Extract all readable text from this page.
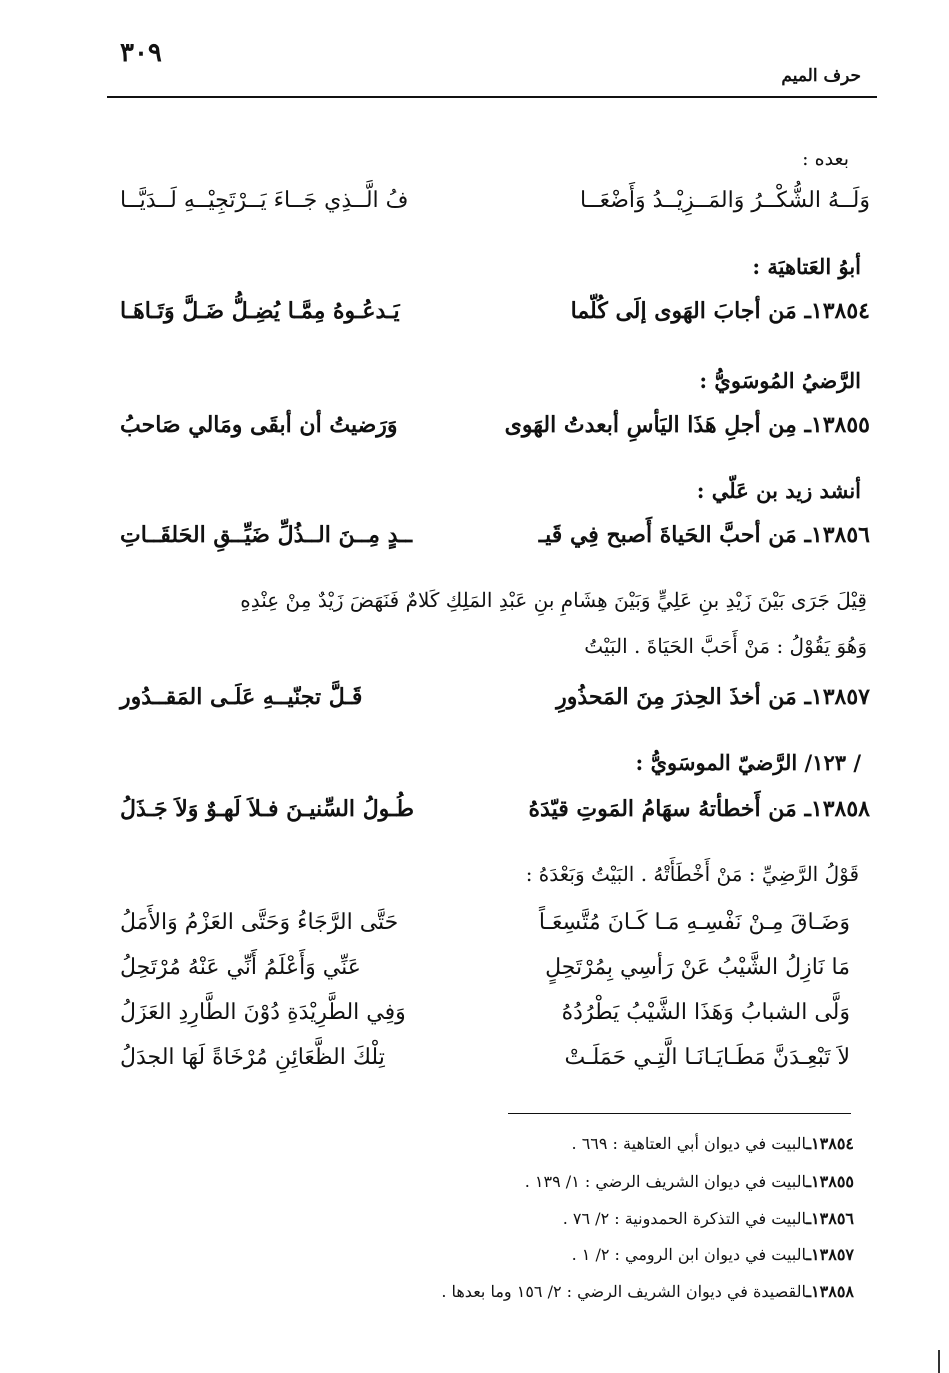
٣٠٩
حرف الميم
بعده :
وَلَــهُ الشُّكْــرُ وَالمَــزِيْــدُ وَأَضْعَــا
فُ الَّــذِي جَــاءَ يَــرْتَجِيْــهِ لَــدَيَّــا
أبوُ العَتاهيَة :
١٣٨٥٤ـ مَن أجابَ الهَوى إلَى كُلّما
يَـدعُـوهُ مِمَّـا يُضِـلُّ ضَـلَّ وَتَـاهَـا
الرَّضيُ المُوسَويُّ :
١٣٨٥٥ـ مِن أجلِ هَذَا اليَأسِ أبعدتُ الهَوى
وَرَضيتُ أن أبقَى ومَالي صَاحبُ
أنشد زيد بن عَلّي :
١٣٨٥٦ـ مَن أحبَّ الحَياةَ أَصبح فِي قَيـ
ــدٍ مِــنَ الــذُلِّ ضَيِّــقِ الحَلقَــاتِ
قِيْلَ جَرَى بَيْنَ زَيْدِ بنِ عَلِيٍّ وَبَيْنَ هِشَامِ بنِ عَبْدِ المَلِكِ كَلامٌ فَنَهَضَ زَيْدٌ مِنْ عِنْدِهِ
وَهُوَ يَقُوْلُ : مَنْ أَحَبَّ الحَيَاةَ . البَيْتُ
١٣٨٥٧ـ مَن أخذَ الحِذرَ مِنَ المَحذُورِ
قَـلَّ تجنّيــهِ عَلَـى المَقــدُور
/ ١٢٣/ الرَّضيّ الموسَويُّ :
١٣٨٥٨ـ مَن أَخطأتهُ سهَامُ المَوتِ قيّدَهُ
طُـولُ السِّنيـنَ فـلاَ لَهـوٌ وَلاَ جَـذَلُ
قَوْلُ الرَّضِيِّ : مَنْ أَخْطَأَتْهُ . البَيْتُ وَبَعْدَهُ :
وَضَـاقَ مِـنْ نَفْسِـهِ مَـا كَـانَ مُتَّسِعَـاً
حَتَّى الرَّجَاءُ وَحَتَّى العَزْمُ وَالأَمَلُ
مَا نَازِلُ الشَّيْبُ عَنْ رَأسِي بِمُرْتَحِلٍ
عَنِّي وَأَعْلَمُ أَنِّي عَنْهُ مُرْتَحِلُ
وَلَّى الشبابُ وَهَذَا الشَّيْبُ يَطْرُدُهُ
وَفِي الطَّرِيْدَةِ دُوْنَ الطَّارِدِ العَزَلُ
لاَ تَبْعِـدَنَّ مَطَـايَـانَـا الَّتِـي حَمَلَـتْ
تِلْكَ الظَّعَائِنِ مُرْخَاةً لَهَا الجدَلُ
١٣٨٥٤ـالبيت في ديوان أبي العتاهية : ٦٦٩ .
١٣٨٥٥ـالبيت في ديوان الشريف الرضي : ١/ ١٣٩ .
١٣٨٥٦ـالبيت في التذكرة الحمدونية : ٢/ ٧٦ .
١٣٨٥٧ـالبيت في ديوان ابن الرومي : ٢/ ١ .
١٣٨٥٨ـالقصيدة في ديوان الشريف الرضي : ٢/ ١٥٦ وما بعدها .
